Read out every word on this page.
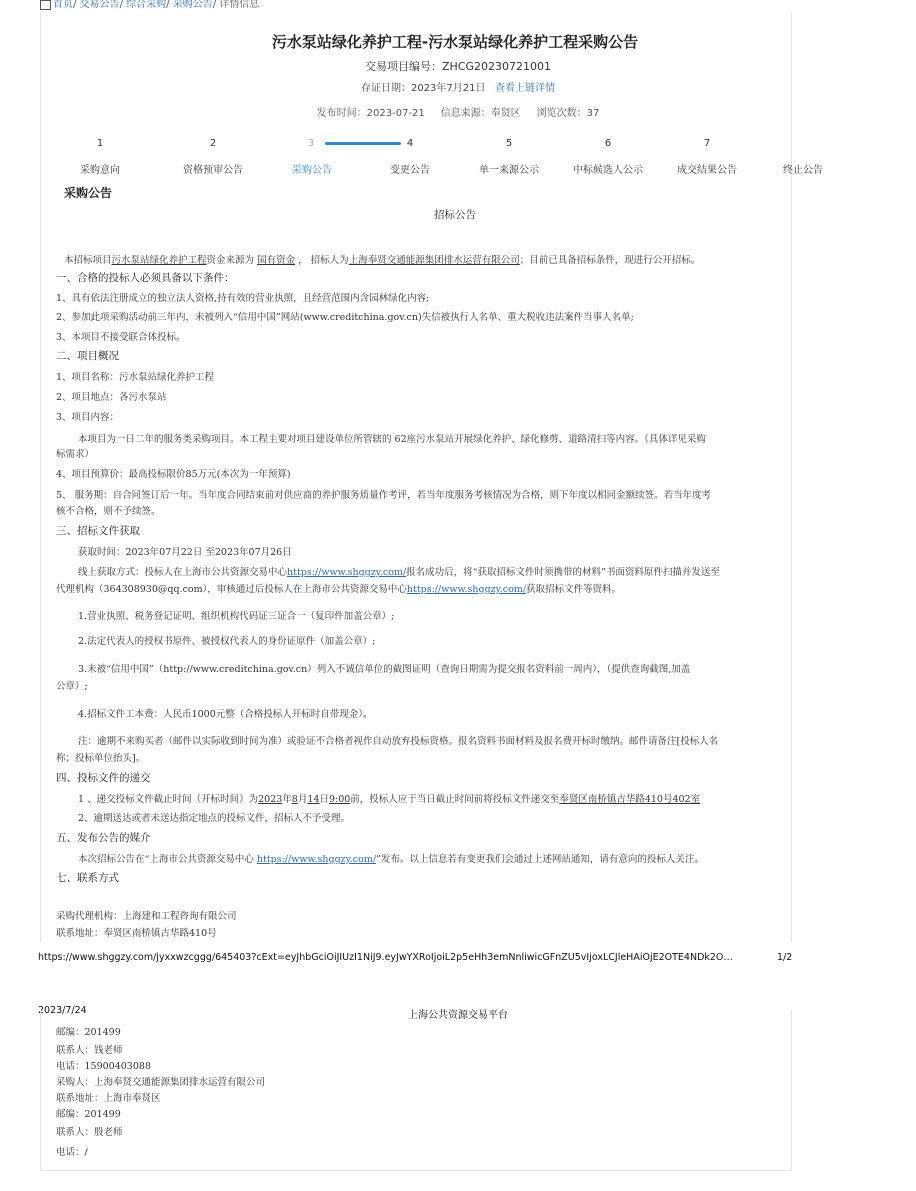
首页/ 交易公告/ 综合采购/ 采购公告/ 详情信息
污水泵站绿化养护工程-污水泵站绿化养护工程采购公告
交易项目编号：ZHCG20230721001
存证日期：2023年7月21日 查看上链详情
发布时间：2023-07-21 信息来源：奉贤区 浏览次数：37
1	2	3	4	5	6	7
采购意向	资格预审公告	采购公告	变更公告	单一来源公示	中标候选人公示	成交结果公告	终止公告
采购公告
招标公告
本招标项目污水泵站绿化养护工程资金来源为 国有资金 ， 招标人为上海奉贤交通能源集团排水运营有限公司；目前已具备招标条件，现进行公开招标。
一、合格的投标人必须具备以下条件：
1、具有依法注册成立的独立法人资格,持有效的营业执照，且经营范围内含园林绿化内容;
2、参加此项采购活动前三年内，未被列入“信用中国”网站(www.creditchina.gov.cn)失信被执行人名单、重大税收违法案件当事人名单;
3、本项目不接受联合体投标。
二、项目概况
1、项目名称：污水泵站绿化养护工程
2、项目地点：各污水泵站
3、项目内容：
本项目为一日二年的服务类采购项目。本工程主要对项目建设单位所管辖的 62座污水泵站开展绿化养护、绿化修剪、道路清扫等内容。（具体详见采购
标需求）
4、项目预算价：最高投标限价85万元(本次为一年预算)
5、 服务期：自合同签订后一年。当年度合同结束前对供应商的养护服务质量作考评，若当年度服务考核情况为合格，则下年度以相同金额续签。若当年度考
核不合格，则不予续签。
三、招标文件获取
获取时间：2023年07月22日 至2023年07月26日
线上获取方式：投标人在上海市公共资源交易中心https://www.shggzy.com/报名成功后，将“获取招标文件时须携带的材料”书面资料原件扫描并发送至
代理机构（364308930@qq.com），审核通过后投标人在上海市公共资源交易中心https://www.shggzy.com/获取招标文件等资料。
1.营业执照、税务登记证明、组织机构代码证三证合一（复印件加盖公章）;
2.法定代表人的授权书原件、被授权代表人的身份证原件（加盖公章）;
3.未被“信用中国”（http://www.creditchina.gov.cn）列入不诚信单位的截图证明（查询日期需为提交报名资料前一周内），（提供查询截图,加盖
公章）;
4.招标文件工本费：人民币1000元整（合格投标人开标时自带现金）。
注：逾期不来购买者（邮件以实际收到时间为准）或验证不合格者视作自动放弃投标资格。报名资料书面材料及报名费开标时缴纳。邮件请备注[投标人名
称；投标单位抬头]。
四、投标文件的递交
1 、递交投标文件截止时间（开标时间）为2023年8月14日9:00前，投标人应于当日截止时间前将投标文件递交至奉贤区南桥镇古华路410号402室
2、逾期送达或者未送达指定地点的投标文件，招标人不予受理。
五、发布公告的媒介
本次招标公告在“上海市公共资源交易中心 https://www.shggzy.com/”发布。以上信息若有变更我们会通过上述网站通知，请有意向的投标人关注。
七、联系方式
采购代理机构：上海建和工程咨询有限公司
联系地址：奉贤区南桥镇古华路410号
https://www.shggzy.com/jyxxwzcggg/645403?cExt=eyJhbGciOiJIUzI1NiJ9.eyJwYXRoIjoiL2p5eHh3emNnliwicGFnZU5vIjoxLCJleHAiOjE2OTE4NDk2O…	1/2
2023/7/24	上海公共资源交易平台
邮编：201499
联系人：钱老师
电话：15900403088
采购人：上海奉贤交通能源集团排水运营有限公司
联系地址：上海市奉贤区
邮编：201499
联系人：殷老师
电话：/
